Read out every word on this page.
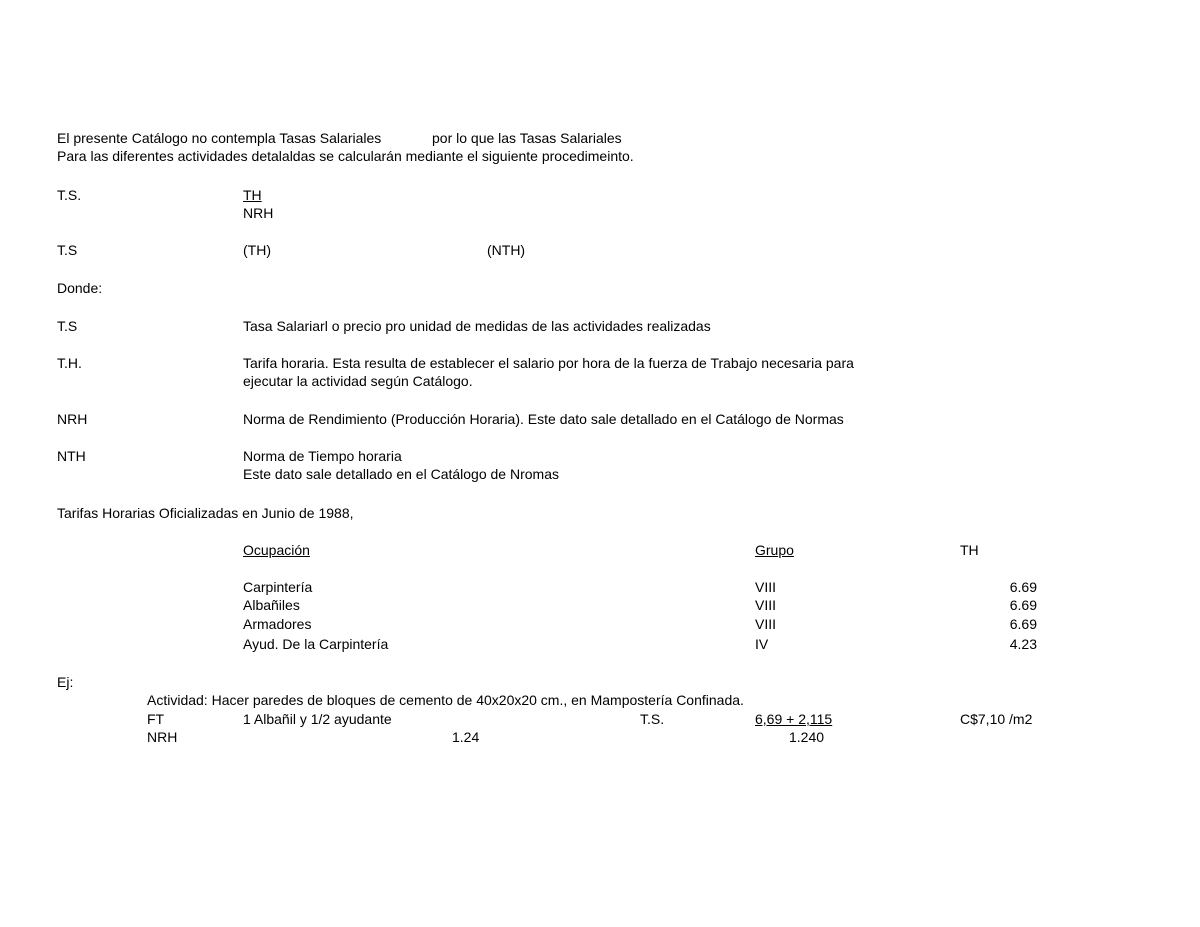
El presente Catálogo no contempla Tasas Salariales	por lo que las Tasas Salariales
Para las diferentes actividades detalaldas se calcularán mediante el siguiente procedimeinto.
T.S.	TH
NRH
T.S	(TH)	(NTH)
Donde:
T.S	Tasa Salariarl o precio pro unidad de medidas de las actividades realizadas
T.H.	Tarifa horaria. Esta resulta de establecer el salario por hora de la fuerza de Trabajo necesaria para
ejecutar la actividad según Catálogo.
NRH	Norma de Rendimiento (Producción Horaria). Este dato sale detallado en el Catálogo de Normas
NTH	Norma de Tiempo horaria
Este dato sale detallado en el Catálogo de Nromas
Tarifas Horarias Oficializadas en Junio de 1988,
Ocupación	Grupo	TH
Carpintería	VIII	6.69
Albañiles	VIII	6.69
Armadores	VIII	6.69
Ayud. De la Carpintería	IV	4.23
Ej:
Actividad: Hacer paredes de bloques de cemento de 40x20x20 cm., en Mampostería Confinada.
FT	1 Albañil y 1/2 ayudante	T.S.	6,69 + 2,115	C$7,10 /m2
NRH	1.24	1.240
